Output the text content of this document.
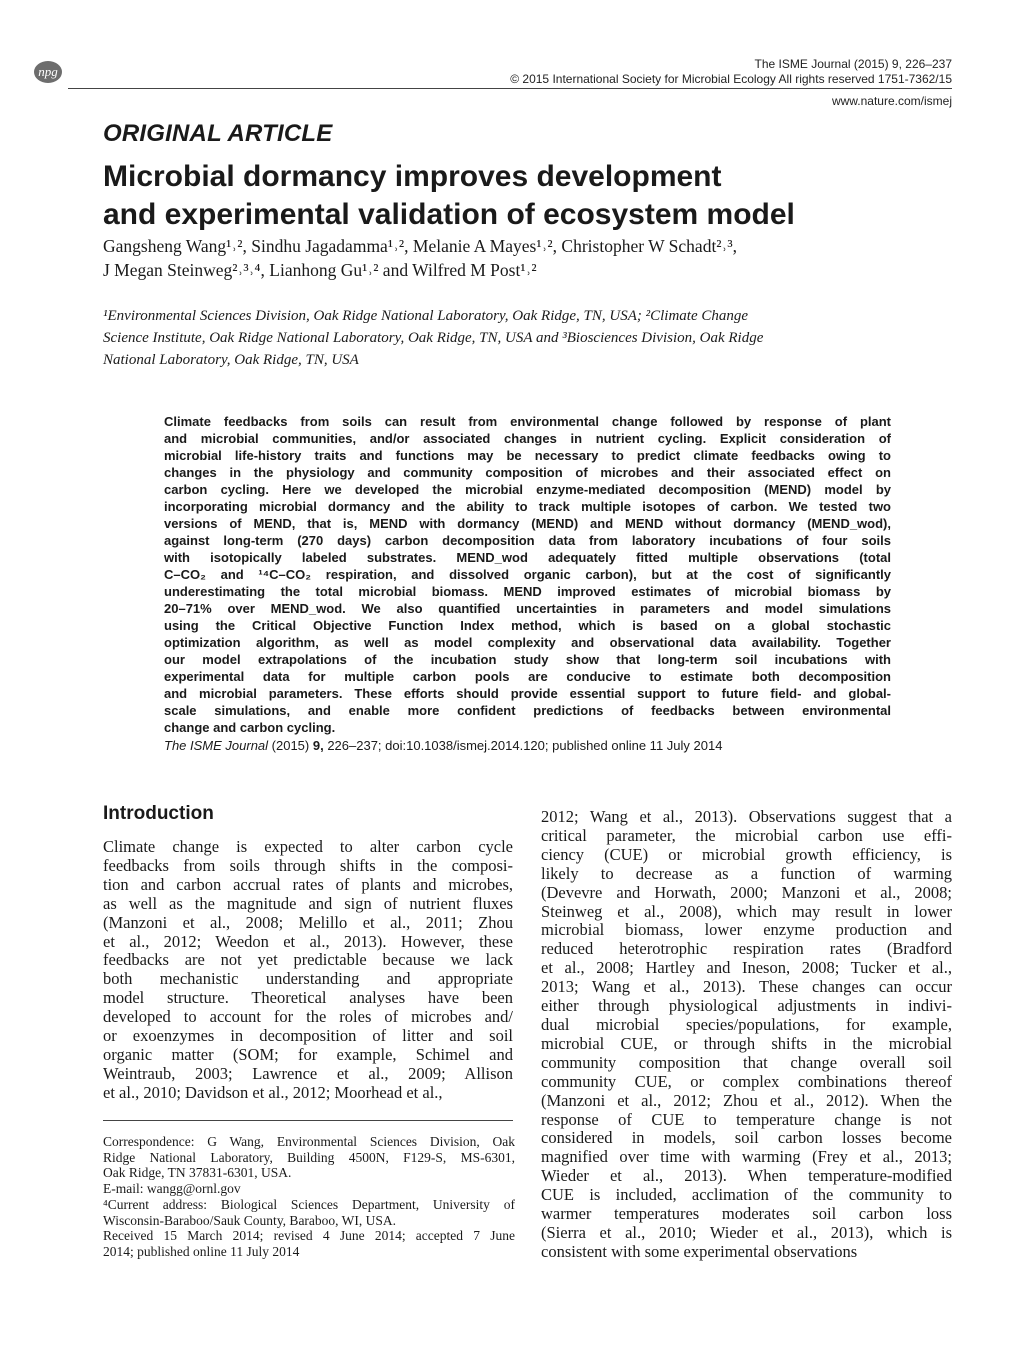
npg	The ISME Journal (2015) 9, 226–237
© 2015 International Society for Microbial Ecology All rights reserved 1751-7362/15
www.nature.com/ismej
ORIGINAL ARTICLE
Microbial dormancy improves development
and experimental validation of ecosystem model
Gangsheng Wang¹˒², Sindhu Jagadamma¹˒², Melanie A Mayes¹˒², Christopher W Schadt²˒³,
J Megan Steinweg²˒³˒⁴, Lianhong Gu¹˒² and Wilfred M Post¹˒²
¹Environmental Sciences Division, Oak Ridge National Laboratory, Oak Ridge, TN, USA; ²Climate Change
Science Institute, Oak Ridge National Laboratory, Oak Ridge, TN, USA and ³Biosciences Division, Oak Ridge
National Laboratory, Oak Ridge, TN, USA
Climate feedbacks from soils can result from environmental change followed by response of plant
and microbial communities, and/or associated changes in nutrient cycling. Explicit consideration of
microbial life-history traits and functions may be necessary to predict climate feedbacks owing to
changes in the physiology and community composition of microbes and their associated effect on
carbon cycling. Here we developed the microbial enzyme-mediated decomposition (MEND) model by
incorporating microbial dormancy and the ability to track multiple isotopes of carbon. We tested two
versions of MEND, that is, MEND with dormancy (MEND) and MEND without dormancy (MEND_wod),
against long-term (270 days) carbon decomposition data from laboratory incubations of four soils
with isotopically labeled substrates. MEND_wod adequately fitted multiple observations (total
C–CO₂ and ¹⁴C–CO₂ respiration, and dissolved organic carbon), but at the cost of significantly
underestimating the total microbial biomass. MEND improved estimates of microbial biomass by
20–71% over MEND_wod. We also quantified uncertainties in parameters and model simulations
using the Critical Objective Function Index method, which is based on a global stochastic
optimization algorithm, as well as model complexity and observational data availability. Together
our model extrapolations of the incubation study show that long-term soil incubations with
experimental data for multiple carbon pools are conducive to estimate both decomposition
and microbial parameters. These efforts should provide essential support to future field- and global-
scale simulations, and enable more confident predictions of feedbacks between environmental
change and carbon cycling.
The ISME Journal (2015) 9, 226–237; doi:10.1038/ismej.2014.120; published online 11 July 2014
Introduction
Climate change is expected to alter carbon cycle
feedbacks from soils through shifts in the composi-
tion and carbon accrual rates of plants and microbes,
as well as the magnitude and sign of nutrient fluxes
(Manzoni et al., 2008; Melillo et al., 2011; Zhou
et al., 2012; Weedon et al., 2013). However, these
feedbacks are not yet predictable because we lack
both mechanistic understanding and appropriate
model structure. Theoretical analyses have been
developed to account for the roles of microbes and/
or exoenzymes in decomposition of litter and soil
organic matter (SOM; for example, Schimel and
Weintraub, 2003; Lawrence et al., 2009; Allison
et al., 2010; Davidson et al., 2012; Moorhead et al.,
2012; Wang et al., 2013). Observations suggest that a
critical parameter, the microbial carbon use effi-
ciency (CUE) or microbial growth efficiency, is
likely to decrease as a function of warming
(Devevre and Horwath, 2000; Manzoni et al., 2008;
Steinweg et al., 2008), which may result in lower
microbial biomass, lower enzyme production and
reduced heterotrophic respiration rates (Bradford
et al., 2008; Hartley and Ineson, 2008; Tucker et al.,
2013; Wang et al., 2013). These changes can occur
either through physiological adjustments in indivi-
dual microbial species/populations, for example,
microbial CUE, or through shifts in the microbial
community composition that change overall soil
community CUE, or complex combinations thereof
(Manzoni et al., 2012; Zhou et al., 2012). When the
response of CUE to temperature change is not
considered in models, soil carbon losses become
magnified over time with warming (Frey et al., 2013;
Wieder et al., 2013). When temperature-modified
CUE is included, acclimation of the community to
warmer temperatures moderates soil carbon loss
(Sierra et al., 2010; Wieder et al., 2013), which is
consistent with some experimental observations
Correspondence: G Wang, Environmental Sciences Division, Oak
Ridge National Laboratory, Building 4500N, F129-S, MS-6301,
Oak Ridge, TN 37831-6301, USA.
E-mail: wangg@ornl.gov
⁴Current address: Biological Sciences Department, University of
Wisconsin-Baraboo/Sauk County, Baraboo, WI, USA.
Received 15 March 2014; revised 4 June 2014; accepted 7 June
2014; published online 11 July 2014
